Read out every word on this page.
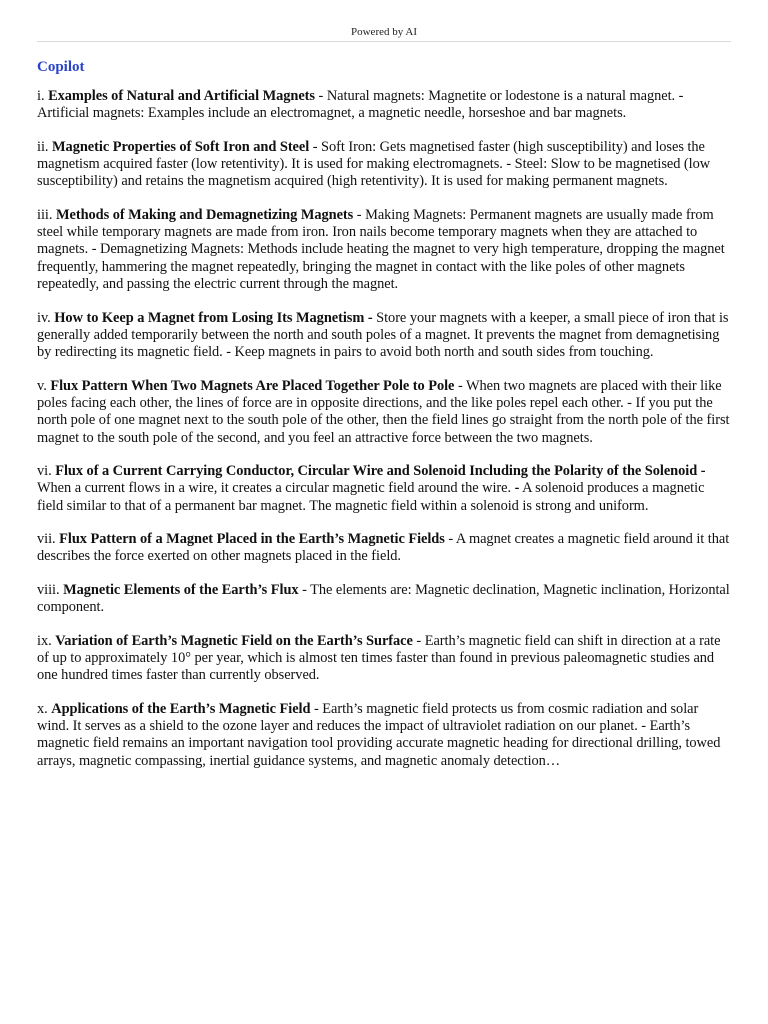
Powered by AI
Copilot

i. Examples of Natural and Artificial Magnets - Natural magnets: Magnetite or lodestone is a natural magnet. - Artificial magnets: Examples include an electromagnet, a magnetic needle, horseshoe and bar magnets.

ii. Magnetic Properties of Soft Iron and Steel - Soft Iron: Gets magnetised faster (high susceptibility) and loses the magnetism acquired faster (low retentivity). It is used for making electromagnets. - Steel: Slow to be magnetised (low susceptibility) and retains the magnetism acquired (high retentivity). It is used for making permanent magnets.

iii. Methods of Making and Demagnetizing Magnets - Making Magnets: Permanent magnets are usually made from steel while temporary magnets are made from iron. Iron nails become temporary magnets when they are attached to magnets. - Demagnetizing Magnets: Methods include heating the magnet to very high temperature, dropping the magnet frequently, hammering the magnet repeatedly, bringing the magnet in contact with the like poles of other magnets repeatedly, and passing the electric current through the magnet.

iv. How to Keep a Magnet from Losing Its Magnetism - Store your magnets with a keeper, a small piece of iron that is generally added temporarily between the north and south poles of a magnet. It prevents the magnet from demagnetising by redirecting its magnetic field. - Keep magnets in pairs to avoid both north and south sides from touching.

v. Flux Pattern When Two Magnets Are Placed Together Pole to Pole - When two magnets are placed with their like poles facing each other, the lines of force are in opposite directions, and the like poles repel each other. - If you put the north pole of one magnet next to the south pole of the other, then the field lines go straight from the north pole of the first magnet to the south pole of the second, and you feel an attractive force between the two magnets.

vi. Flux of a Current Carrying Conductor, Circular Wire and Solenoid Including the Polarity of the Solenoid - When a current flows in a wire, it creates a circular magnetic field around the wire. - A solenoid produces a magnetic field similar to that of a permanent bar magnet. The magnetic field within a solenoid is strong and uniform.

vii. Flux Pattern of a Magnet Placed in the Earth’s Magnetic Fields - A magnet creates a magnetic field around it that describes the force exerted on other magnets placed in the field.

viii. Magnetic Elements of the Earth’s Flux - The elements are: Magnetic declination, Magnetic inclination, Horizontal component.

ix. Variation of Earth’s Magnetic Field on the Earth’s Surface - Earth’s magnetic field can shift in direction at a rate of up to approximately 10° per year, which is almost ten times faster than found in previous paleomagnetic studies and one hundred times faster than currently observed.

x. Applications of the Earth’s Magnetic Field - Earth’s magnetic field protects us from cosmic radiation and solar wind. It serves as a shield to the ozone layer and reduces the impact of ultraviolet radiation on our planet. - Earth’s magnetic field remains an important navigation tool providing accurate magnetic heading for directional drilling, towed arrays, magnetic compassing, inertial guidance systems, and magnetic anomaly detection…
